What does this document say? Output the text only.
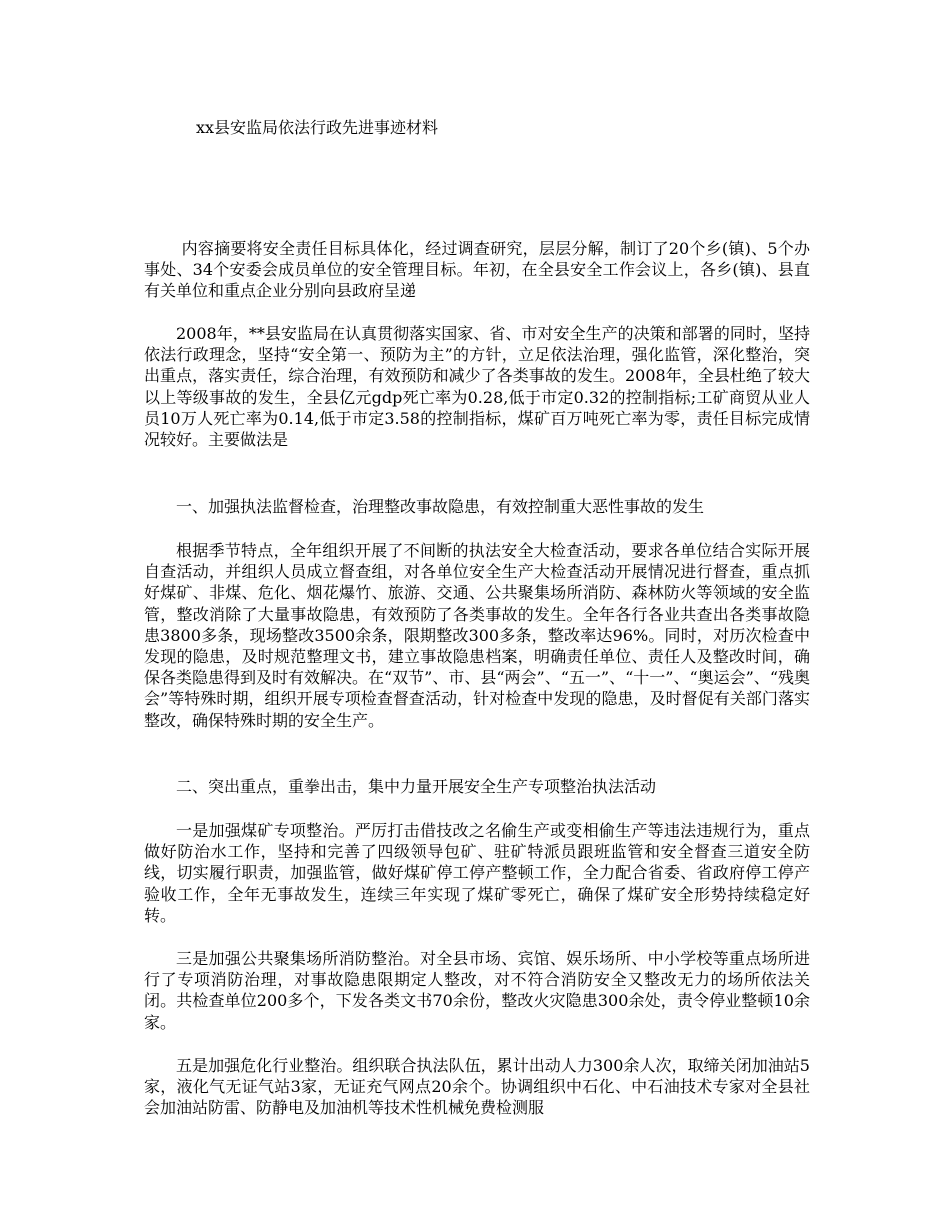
xx县安监局依法行政先进事迹材料

内容摘要将安全责任目标具体化，经过调查研究，层层分解，制订了20个乡(镇)、5个办事处、34个安委会成员单位的安全管理目标。年初，在全县安全工作会议上，各乡(镇)、县直有关单位和重点企业分别向县政府呈递

2008年，**县安监局在认真贯彻落实国家、省、市对安全生产的决策和部署的同时，坚持依法行政理念，坚持“安全第一、预防为主”的方针，立足依法治理，强化监管，深化整治，突出重点，落实责任，综合治理，有效预防和减少了各类事故的发生。2008年，全县杜绝了较大以上等级事故的发生，全县亿元gdp死亡率为0.28,低于市定0.32的控制指标;工矿商贸从业人员10万人死亡率为0.14,低于市定3.58的控制指标，煤矿百万吨死亡率为零，责任目标完成情况较好。主要做法是

一、加强执法监督检查，治理整改事故隐患，有效控制重大恶性事故的发生

根据季节特点，全年组织开展了不间断的执法安全大检查活动，要求各单位结合实际开展自查活动，并组织人员成立督查组，对各单位安全生产大检查活动开展情况进行督查，重点抓好煤矿、非煤、危化、烟花爆竹、旅游、交通、公共聚集场所消防、森林防火等领域的安全监管，整改消除了大量事故隐患，有效预防了各类事故的发生。全年各行各业共查出各类事故隐患3800多条，现场整改3500余条，限期整改300多条，整改率达96%。同时，对历次检查中发现的隐患，及时规范整理文书，建立事故隐患档案，明确责任单位、责任人及整改时间，确保各类隐患得到及时有效解决。在“双节”、市、县“两会”、“五一”、“十一”、“奥运会”、“残奥会”等特殊时期，组织开展专项检查督查活动，针对检查中发现的隐患，及时督促有关部门落实整改，确保特殊时期的安全生产。

二、突出重点，重拳出击，集中力量开展安全生产专项整治执法活动

一是加强煤矿专项整治。严厉打击借技改之名偷生产或变相偷生产等违法违规行为，重点做好防治水工作，坚持和完善了四级领导包矿、驻矿特派员跟班监管和安全督查三道安全防线，切实履行职责，加强监管，做好煤矿停工停产整顿工作，全力配合省委、省政府停工停产验收工作，全年无事故发生，连续三年实现了煤矿零死亡，确保了煤矿安全形势持续稳定好转。

三是加强公共聚集场所消防整治。对全县市场、宾馆、娱乐场所、中小学校等重点场所进行了专项消防治理，对事故隐患限期定人整改，对不符合消防安全又整改无力的场所依法关闭。共检查单位200多个，下发各类文书70余份，整改火灾隐患300余处，责令停业整顿10余家。

五是加强危化行业整治。组织联合执法队伍，累计出动人力300余人次，取缔关闭加油站5家，液化气无证气站3家，无证充气网点20余个。协调组织中石化、中石油技术专家对全县社会加油站防雷、防静电及加油机等技术性机械免费检测服
